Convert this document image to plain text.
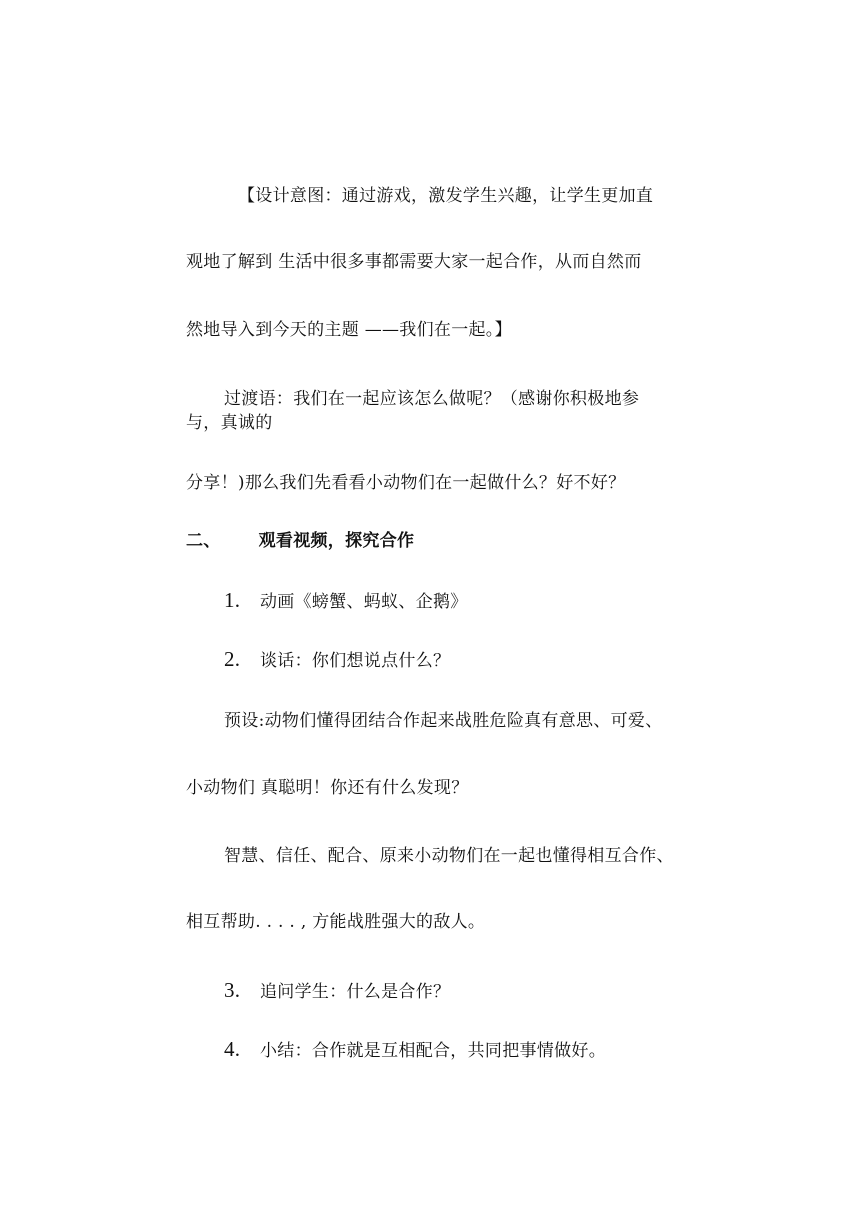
【设计意图：通过游戏，激发学生兴趣，让学生更加直
观地了解到 生活中很多事都需要大家一起合作，从而自然而
然地导入到今天的主题 ——我们在一起。】
过渡语：我们在一起应该怎么做呢？（感谢你积极地参
与，真诚的
分享！)那么我们先看看小动物们在一起做什么？好不好？
二、 观看视频，探究合作
1. 动画《螃蟹、蚂蚁、企鹅》
2. 谈话：你们想说点什么？
预设:动物们懂得团结合作起来战胜危险真有意思、可爱、
小动物们 真聪明！你还有什么发现？
智慧、信任、配合、原来小动物们在一起也懂得相互合作、
相互帮助. . . . , 方能战胜强大的敌人。
3. 追问学生：什么是合作？
4. 小结：合作就是互相配合，共同把事情做好。
